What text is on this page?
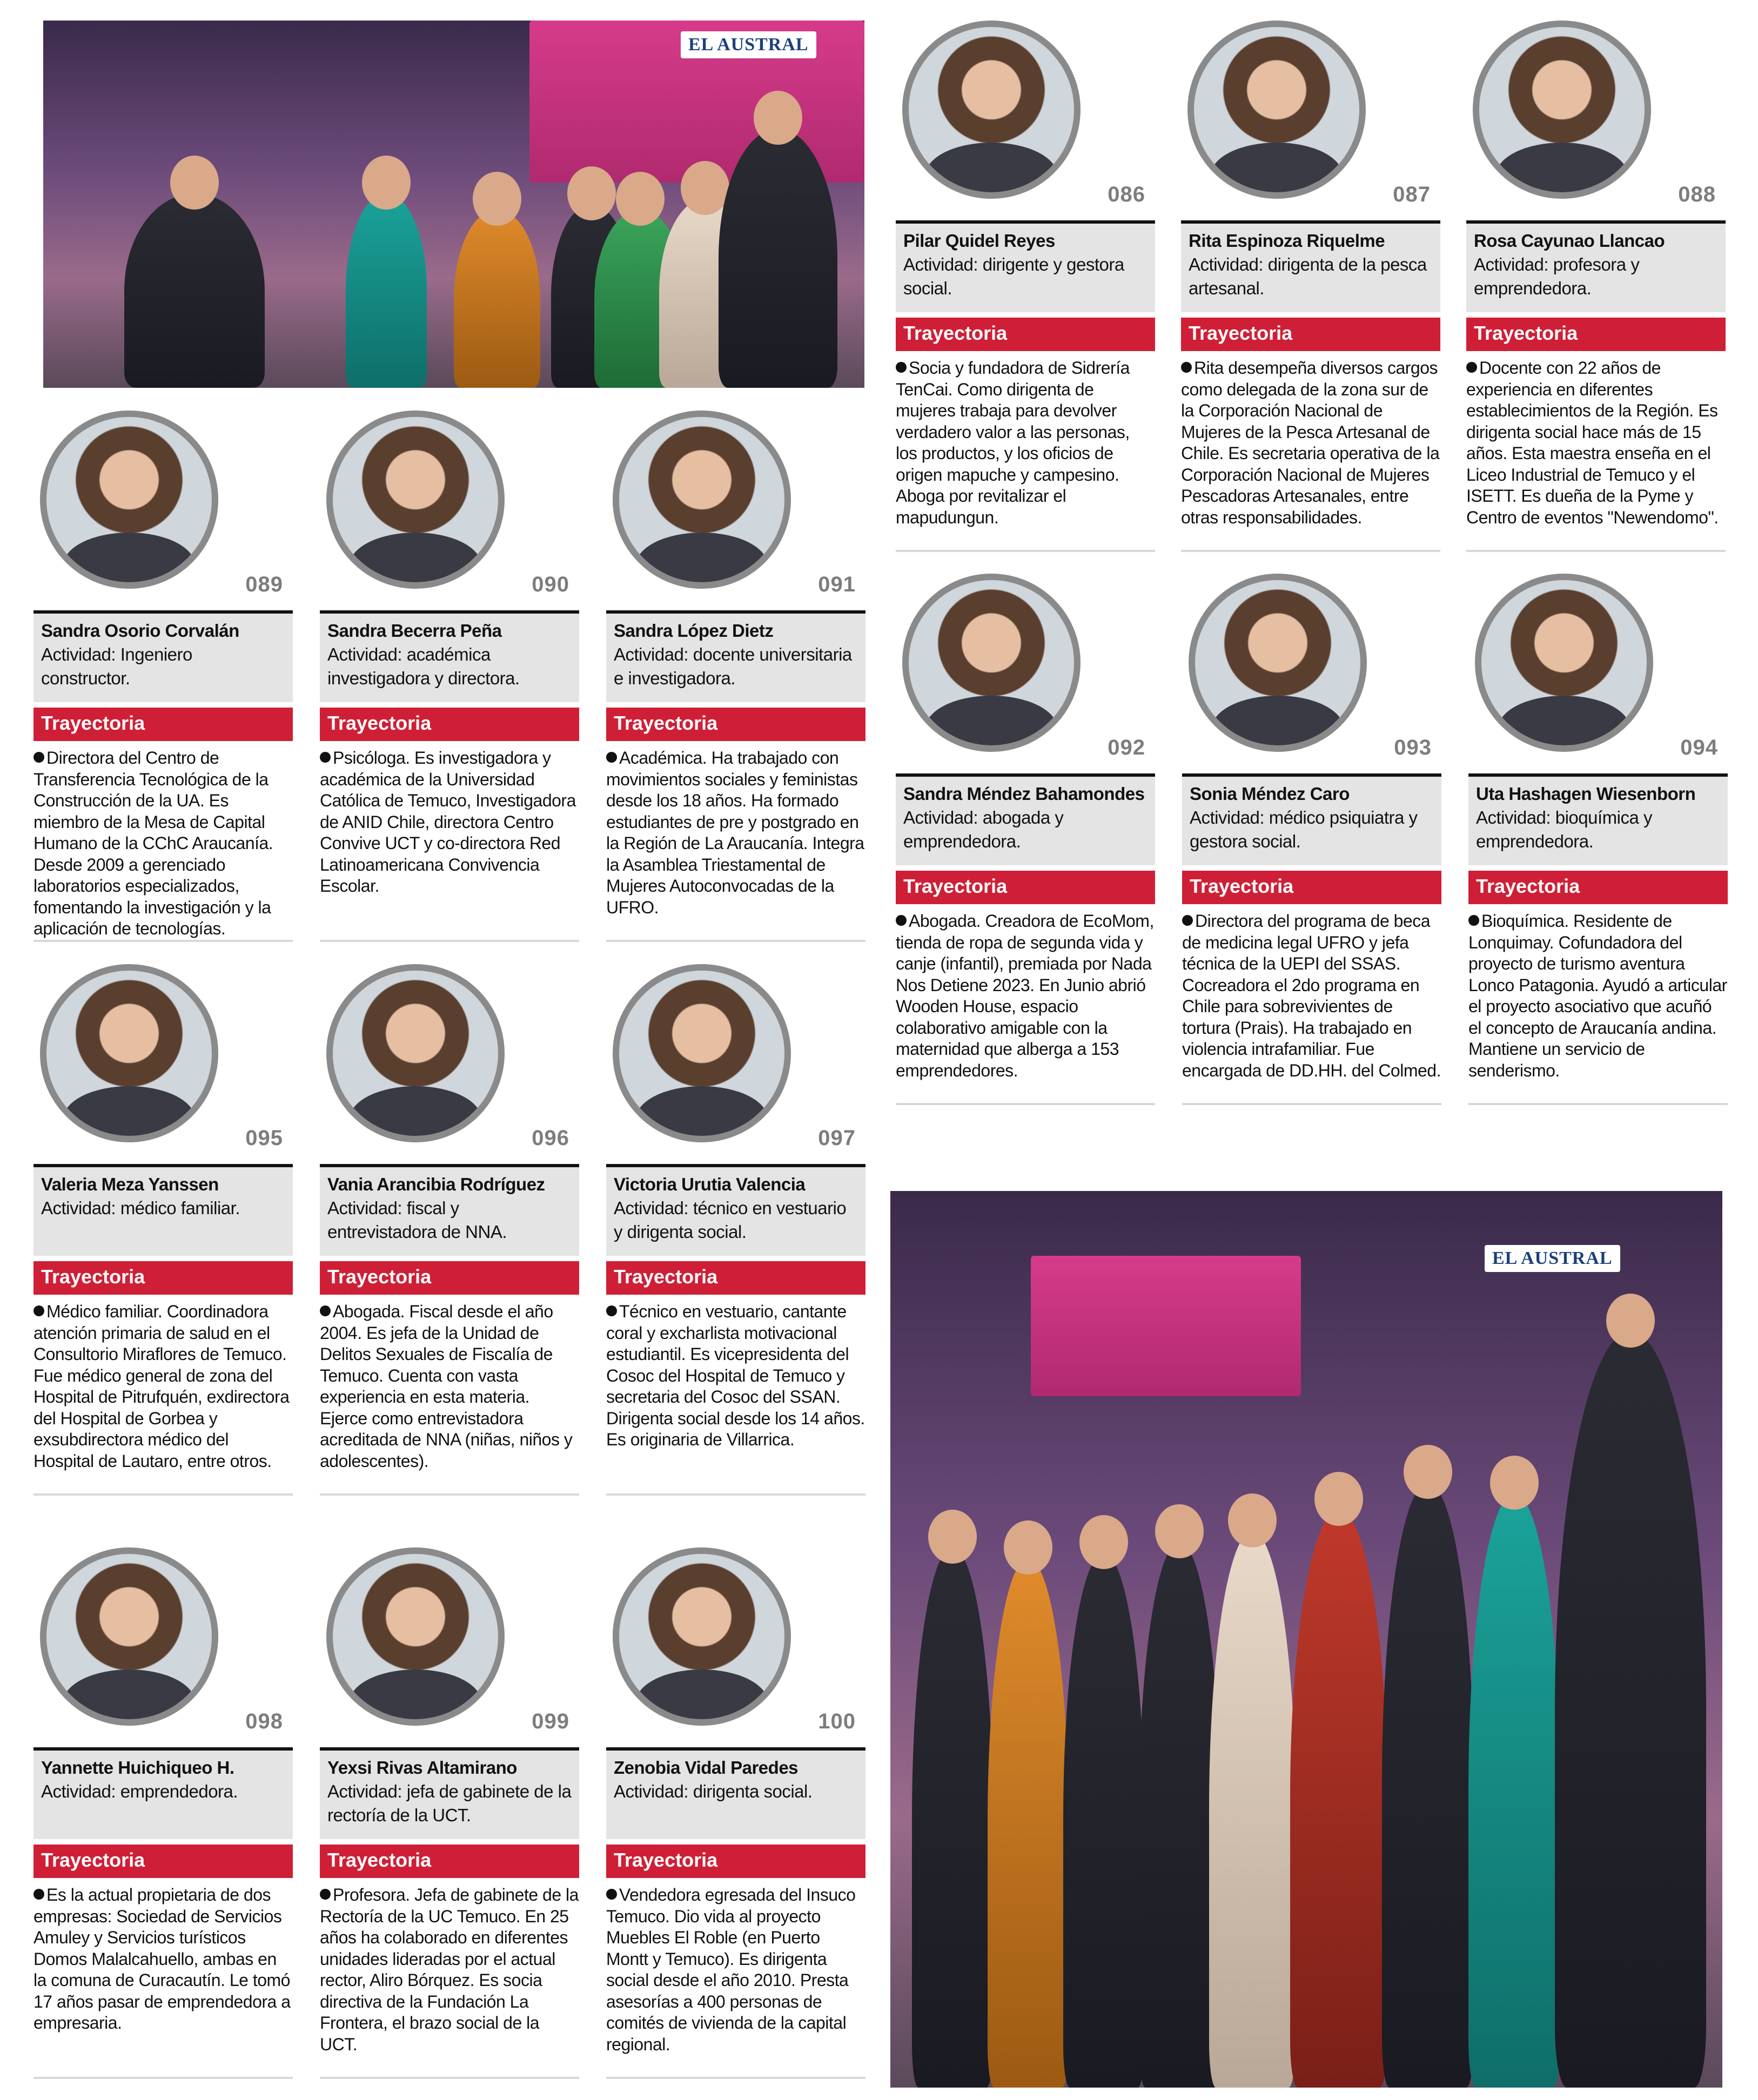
EL AUSTRAL
EL AUSTRAL
086
Pilar Quidel Reyes
Actividad: dirigente y gestora social.
Trayectoria
Socia y fundadora de Sidrería TenCai. Como dirigenta de mujeres trabaja para devolver verdadero valor a las personas, los productos, y los oficios de origen mapuche y campesino. Aboga por revitalizar el mapudungun.
087
Rita Espinoza Riquelme
Actividad: dirigenta de la pesca artesanal.
Trayectoria
Rita desempeña diversos cargos como delegada de la zona sur de la Corporación Nacional de Mujeres de la Pesca Artesanal de Chile. Es secretaria operativa de la Corporación Nacional de Mujeres Pescadoras Artesanales, entre otras responsabilidades.
088
Rosa Cayunao Llancao
Actividad: profesora y emprendedora.
Trayectoria
Docente con 22 años de experiencia en diferentes establecimientos de la Región. Es dirigenta social hace más de 15 años. Esta maestra enseña en el Liceo Industrial de Temuco y el ISETT. Es dueña de la Pyme y Centro de eventos "Newendomo".
089
Sandra Osorio Corvalán
Actividad: Ingeniero constructor.
Trayectoria
Directora del Centro de Transferencia Tecnológica de la Construcción de la UA. Es miembro de la Mesa de Capital Humano de la CChC Araucanía. Desde 2009 a gerenciado laboratorios especializados, fomentando la investigación y la aplicación de tecnologías.
090
Sandra Becerra Peña
Actividad: académica investigadora y directora.
Trayectoria
Psicóloga. Es investigadora y académica de la Universidad Católica de Temuco, Investigadora de ANID Chile, directora Centro Convive UCT y co-directora Red Latinoamericana Convivencia Escolar.
091
Sandra López Dietz
Actividad: docente universitaria e investigadora.
Trayectoria
Académica. Ha trabajado con movimientos sociales y feministas desde los 18 años. Ha formado estudiantes de pre y postgrado en la Región de La Araucanía. Integra la Asamblea Triestamental de Mujeres Autoconvocadas de la UFRO.
092
Sandra Méndez Bahamondes
Actividad: abogada y emprendedora.
Trayectoria
Abogada. Creadora de EcoMom, tienda de ropa de segunda vida y canje (infantil), premiada por Nada Nos Detiene 2023. En Junio abrió Wooden House, espacio colaborativo amigable con la maternidad que alberga a 153 emprendedores.
093
Sonia Méndez Caro
Actividad: médico psiquiatra y gestora social.
Trayectoria
Directora del programa de beca de medicina legal UFRO y jefa técnica de la UEPI del SSAS. Cocreadora el 2do programa en Chile para sobrevivientes de tortura (Prais). Ha trabajado en violencia intrafamiliar. Fue encargada de DD.HH. del Colmed.
094
Uta Hashagen Wiesenborn
Actividad: bioquímica y emprendedora.
Trayectoria
Bioquímica. Residente de Lonquimay. Cofundadora del proyecto de turismo aventura Lonco Patagonia. Ayudó a articular el proyecto asociativo que acuñó el concepto de Araucanía andina. Mantiene un servicio de senderismo.
095
Valeria Meza Yanssen
Actividad: médico familiar.
Trayectoria
Médico familiar. Coordinadora atención primaria de salud en el Consultorio Miraflores de Temuco. Fue médico general de zona del Hospital de Pitrufquén, exdirectora del Hospital de Gorbea y exsubdirectora médico del Hospital de Lautaro, entre otros.
096
Vania Arancibia Rodríguez
Actividad: fiscal y entrevistadora de NNA.
Trayectoria
Abogada. Fiscal desde el año 2004. Es jefa de la Unidad de Delitos Sexuales de Fiscalía de Temuco. Cuenta con vasta experiencia en esta materia. Ejerce como entrevistadora acreditada de NNA (niñas, niños y adolescentes).
097
Victoria Urutia Valencia
Actividad: técnico en vestuario y dirigenta social.
Trayectoria
Técnico en vestuario, cantante coral y excharlista motivacional estudiantil. Es vicepresidenta del Cosoc del Hospital de Temuco y secretaria del Cosoc del SSAN. Dirigenta social desde los 14 años. Es originaria de Villarrica.
098
Yannette Huichiqueo H.
Actividad: emprendedora.
Trayectoria
Es la actual propietaria de dos empresas: Sociedad de Servicios Amuley y Servicios turísticos Domos Malalcahuello, ambas en la comuna de Curacautín. Le tomó 17 años pasar de emprendedora a empresaria.
099
Yexsi Rivas Altamirano
Actividad: jefa de gabinete de la rectoría de la UCT.
Trayectoria
Profesora. Jefa de gabinete de la Rectoría de la UC Temuco. En 25 años ha colaborado en diferentes unidades lideradas por el actual rector, Aliro Bórquez. Es socia directiva de la Fundación La Frontera, el brazo social de la UCT.
100
Zenobia Vidal Paredes
Actividad: dirigenta social.
Trayectoria
Vendedora egresada del Insuco Temuco. Dio vida al proyecto Muebles El Roble (en Puerto Montt y Temuco). Es dirigenta social desde el año 2010. Presta asesorías a 400 personas de comités de vivienda de la capital regional.
